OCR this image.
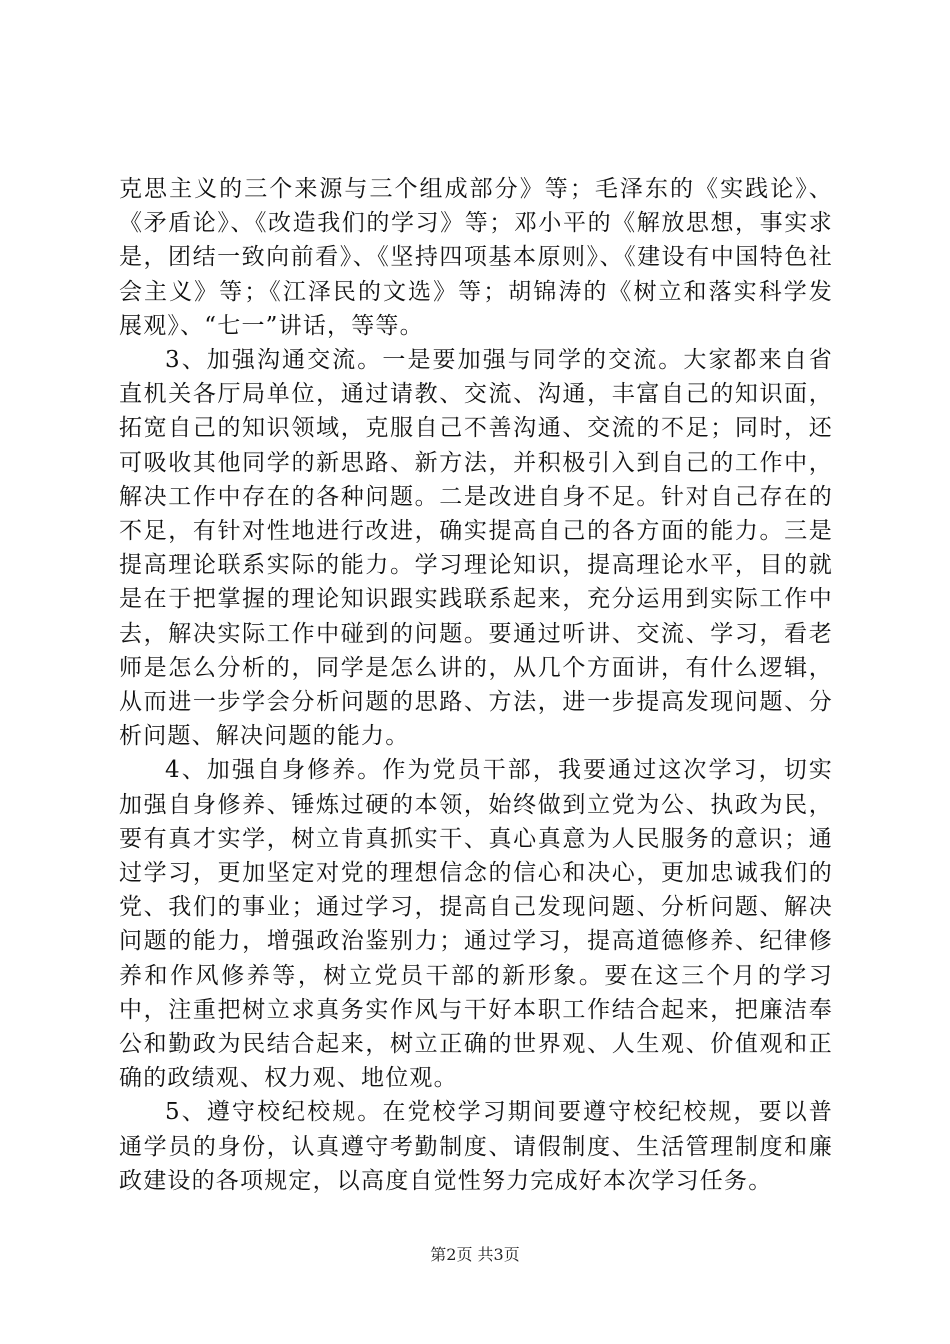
克思主义的三个来源与三个组成部分》等；毛泽东的《实践论》、《矛盾论》、《改造我们的学习》等；邓小平的《解放思想，事实求是，团结一致向前看》、《坚持四项基本原则》、《建设有中国特色社会主义》等；《江泽民的文选》等；胡锦涛的《树立和落实科学发展观》、“七一”讲话，等等。

3、加强沟通交流。一是要加强与同学的交流。大家都来自省直机关各厅局单位，通过请教、交流、沟通，丰富自己的知识面，拓宽自己的知识领域，克服自己不善沟通、交流的不足；同时，还可吸收其他同学的新思路、新方法，并积极引入到自己的工作中，解决工作中存在的各种问题。二是改进自身不足。针对自己存在的不足，有针对性地进行改进，确实提高自己的各方面的能力。三是提高理论联系实际的能力。学习理论知识，提高理论水平，目的就是在于把掌握的理论知识跟实践联系起来，充分运用到实际工作中去，解决实际工作中碰到的问题。要通过听讲、交流、学习，看老师是怎么分析的，同学是怎么讲的，从几个方面讲，有什么逻辑，从而进一步学会分析问题的思路、方法，进一步提高发现问题、分析问题、解决问题的能力。

4、加强自身修养。作为党员干部，我要通过这次学习，切实加强自身修养、锤炼过硬的本领，始终做到立党为公、执政为民，要有真才实学，树立肯真抓实干、真心真意为人民服务的意识；通过学习，更加坚定对党的理想信念的信心和决心，更加忠诚我们的党、我们的事业；通过学习，提高自己发现问题、分析问题、解决问题的能力，增强政治鉴别力；通过学习，提高道德修养、纪律修养和作风修养等，树立党员干部的新形象。要在这三个月的学习中，注重把树立求真务实作风与干好本职工作结合起来，把廉洁奉公和勤政为民结合起来，树立正确的世界观、人生观、价值观和正确的政绩观、权力观、地位观。

5、遵守校纪校规。在党校学习期间要遵守校纪校规，要以普通学员的身份，认真遵守考勤制度、请假制度、生活管理制度和廉政建设的各项规定，以高度自觉性努力完成好本次学习任务。

第2页 共3页
